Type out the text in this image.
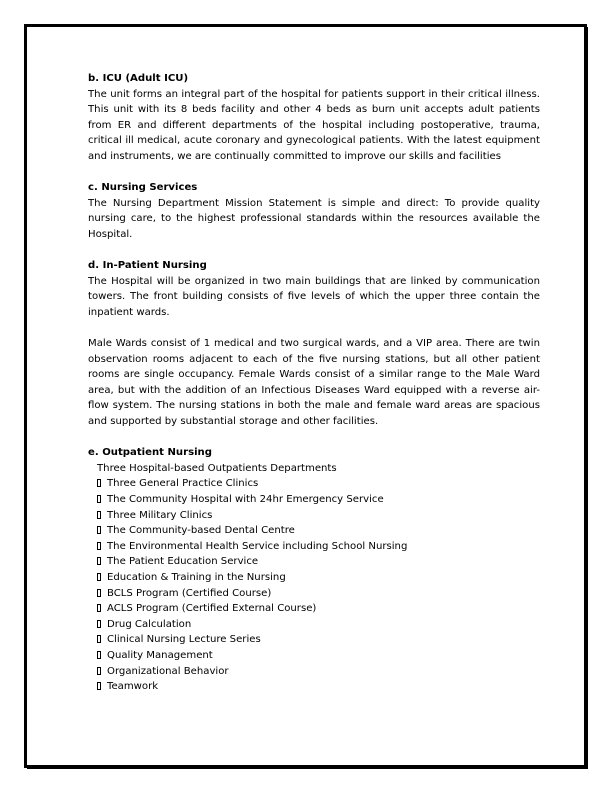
b. ICU (Adult ICU)

The unit forms an integral part of the hospital for patients support in their critical illness. This unit with its 8 beds facility and other 4 beds as burn unit accepts adult patients from ER and different departments of the hospital including postoperative, trauma, critical ill medical, acute coronary and gynecological patients. With the latest equipment and instruments, we are continually committed to improve our skills and facilities

c. Nursing Services

The Nursing Department Mission Statement is simple and direct: To provide quality nursing care, to the highest professional standards within the resources available the Hospital.

d. In-Patient Nursing

The Hospital will be organized in two main buildings that are linked by communication towers. The front building consists of five levels of which the upper three contain the inpatient wards.

Male Wards consist of 1 medical and two surgical wards, and a VIP area. There are twin observation rooms adjacent to each of the five nursing stations, but all other patient rooms are single occupancy. Female Wards consist of a similar range to the Male Ward area, but with the addition of an Infectious Diseases Ward equipped with a reverse air- flow system. The nursing stations in both the male and female ward areas are spacious and supported by substantial storage and other facilities.

e. Outpatient Nursing
Three Hospital-based Outpatients Departments
Three General Practice Clinics
The Community Hospital with 24hr Emergency Service
Three Military Clinics
The Community-based Dental Centre
The Environmental Health Service including School Nursing
The Patient Education Service
Education & Training in the Nursing
BCLS Program (Certified Course)
ACLS Program (Certified External Course)
Drug Calculation
Clinical Nursing Lecture Series
Quality Management
Organizational Behavior
Teamwork
